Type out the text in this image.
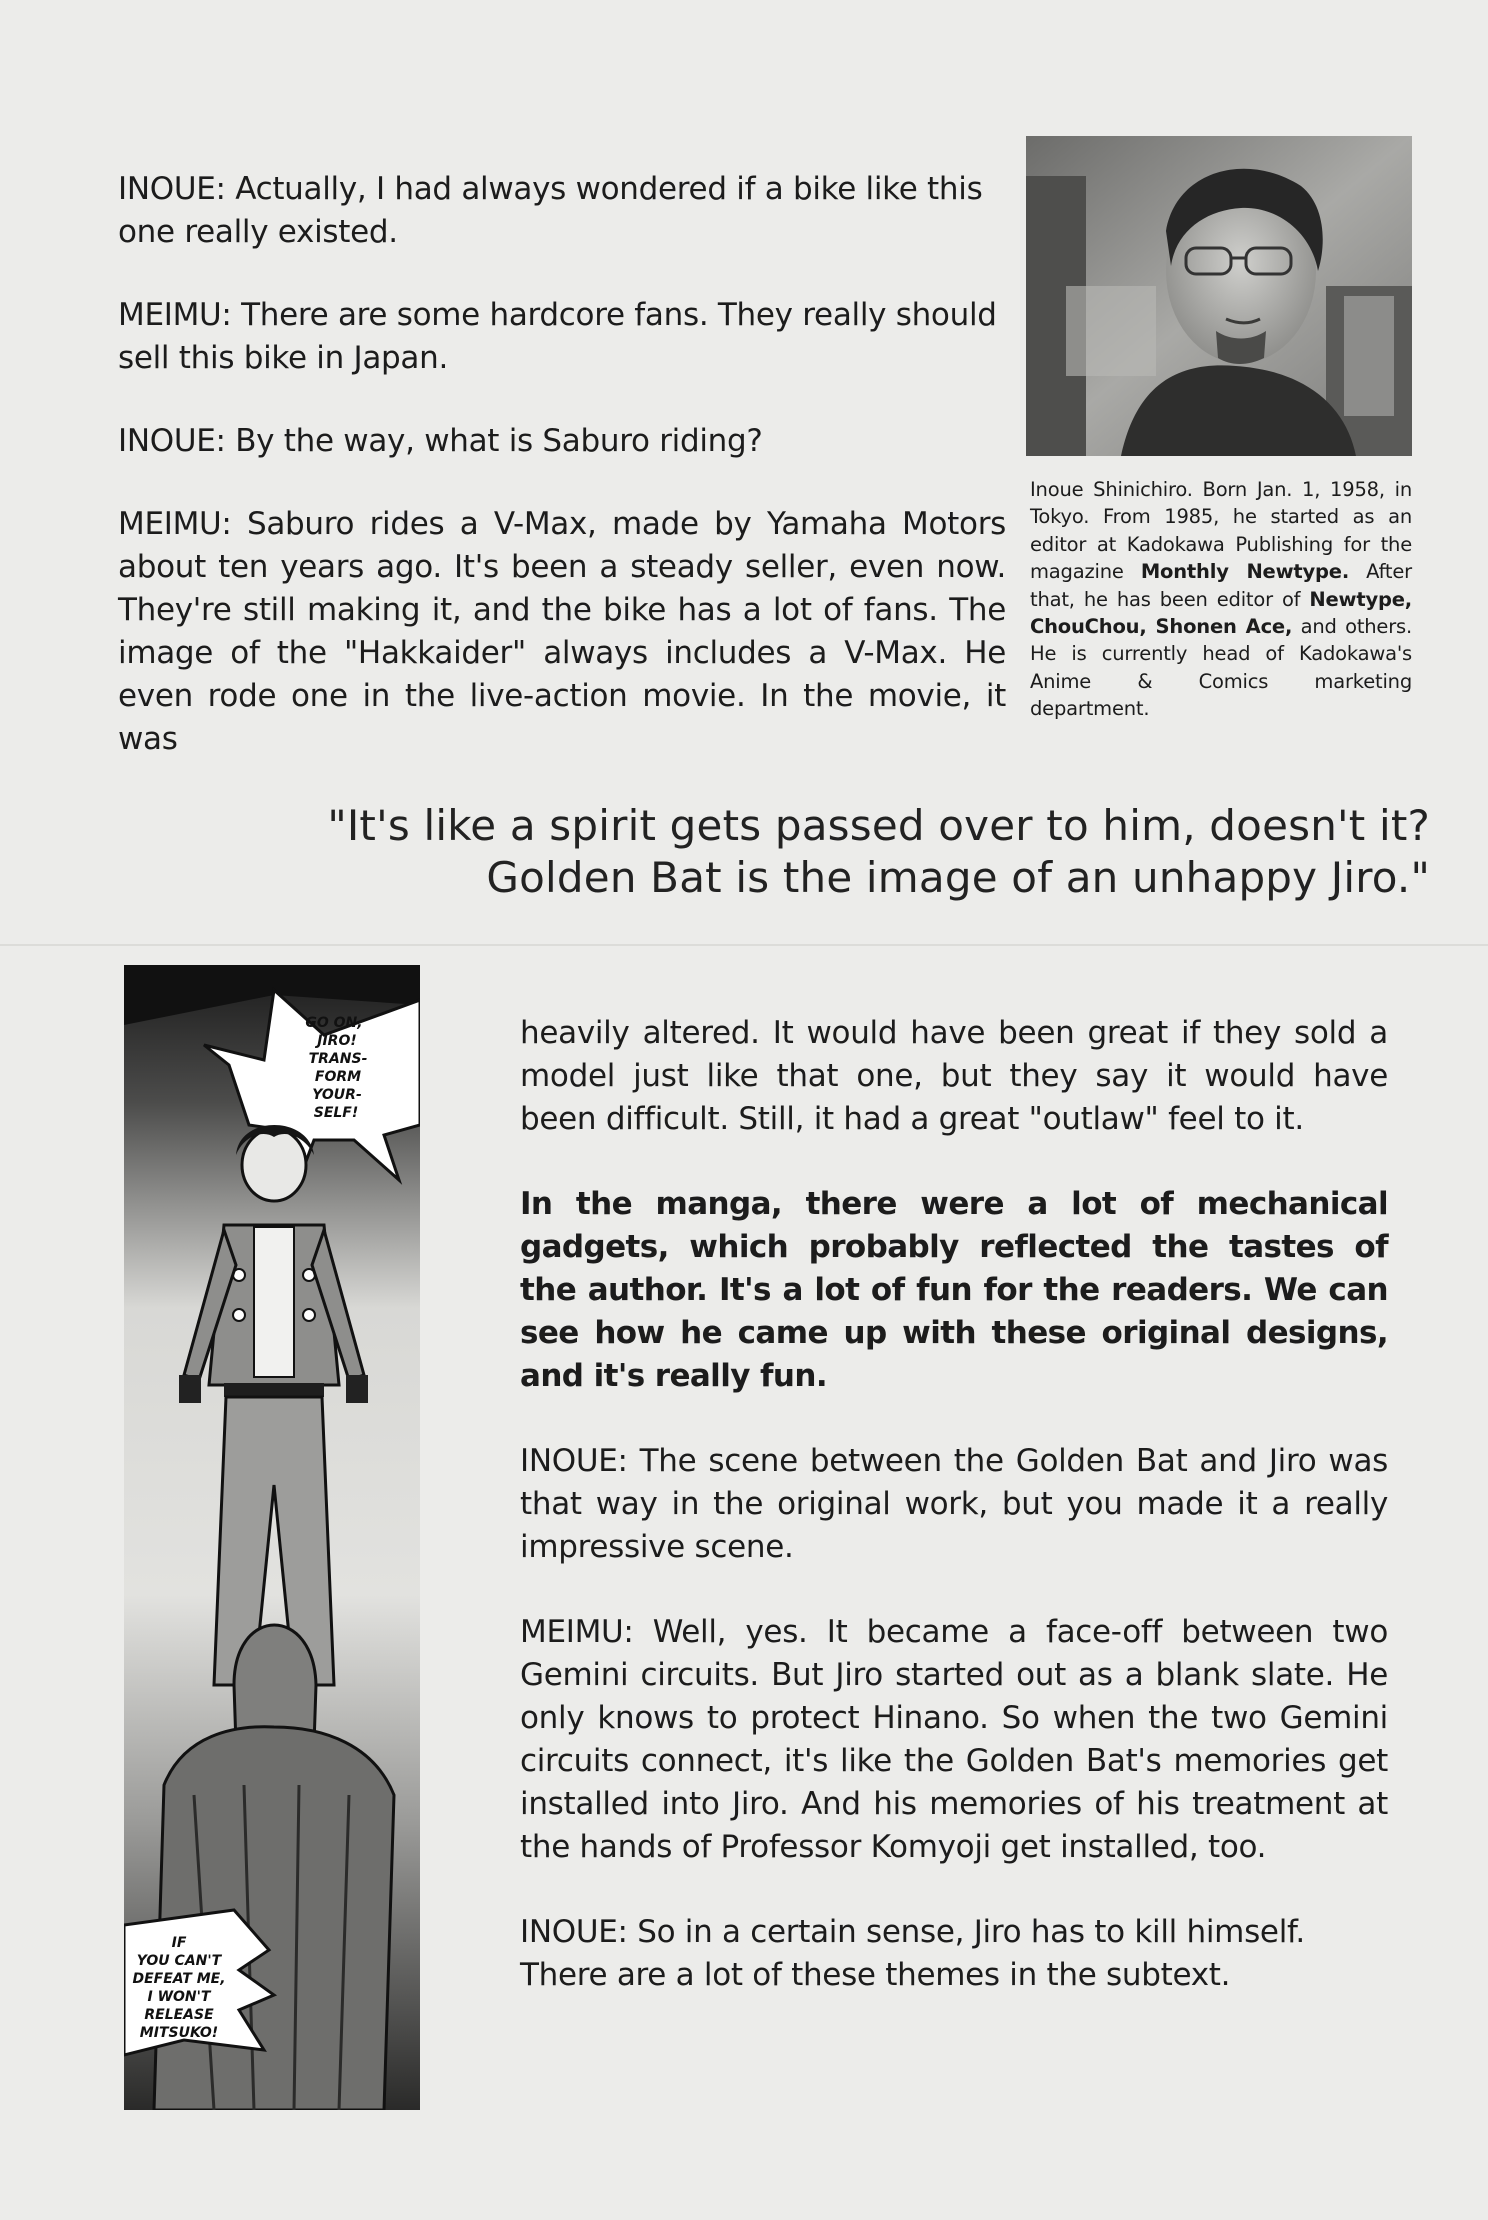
INOUE: Actually, I had always wondered if a bike like this one really existed.

MEIMU: There are some hardcore fans. They really should sell this bike in Japan.

INOUE: By the way, what is Saburo riding?

MEIMU: Saburo rides a V-Max, made by Yamaha Motors about ten years ago. It's been a steady seller, even now. They're still making it, and the bike has a lot of fans. The image of the "Hakkaider" always includes a V-Max. He even rode one in the live-action movie. In the movie, it was

Inoue Shinichiro. Born Jan. 1, 1958, in Tokyo. From 1985, he started as an editor at Kadokawa Publishing for the magazine Monthly Newtype. After that, he has been editor of Newtype, ChouChou, Shonen Ace, and others. He is currently head of Kadokawa's Anime & Comics marketing department.
"It's like a spirit gets passed over to him, doesn't it?
Golden Bat is the image of an unhappy Jiro."
GO ON,
JIRO!
TRANS-
FORM
YOUR-
SELF!
IF
YOU CAN'T
DEFEAT ME,
I WON'T
RELEASE
MITSUKO!

heavily altered. It would have been great if they sold a model just like that one, but they say it would have been difficult. Still, it had a great "outlaw" feel to it.

In the manga, there were a lot of mechanical gadgets, which probably reflected the tastes of the author. It's a lot of fun for the readers. We can see how he came up with these original designs, and it's really fun.

INOUE: The scene between the Golden Bat and Jiro was that way in the original work, but you made it a really impressive scene.

MEIMU: Well, yes. It became a face-off between two Gemini circuits. But Jiro started out as a blank slate. He only knows to protect Hinano. So when the two Gemini circuits connect, it's like the Golden Bat's memories get installed into Jiro. And his memories of his treatment at the hands of Professor Komyoji get installed, too.

INOUE: So in a certain sense, Jiro has to kill himself. There are a lot of these themes in the subtext.
